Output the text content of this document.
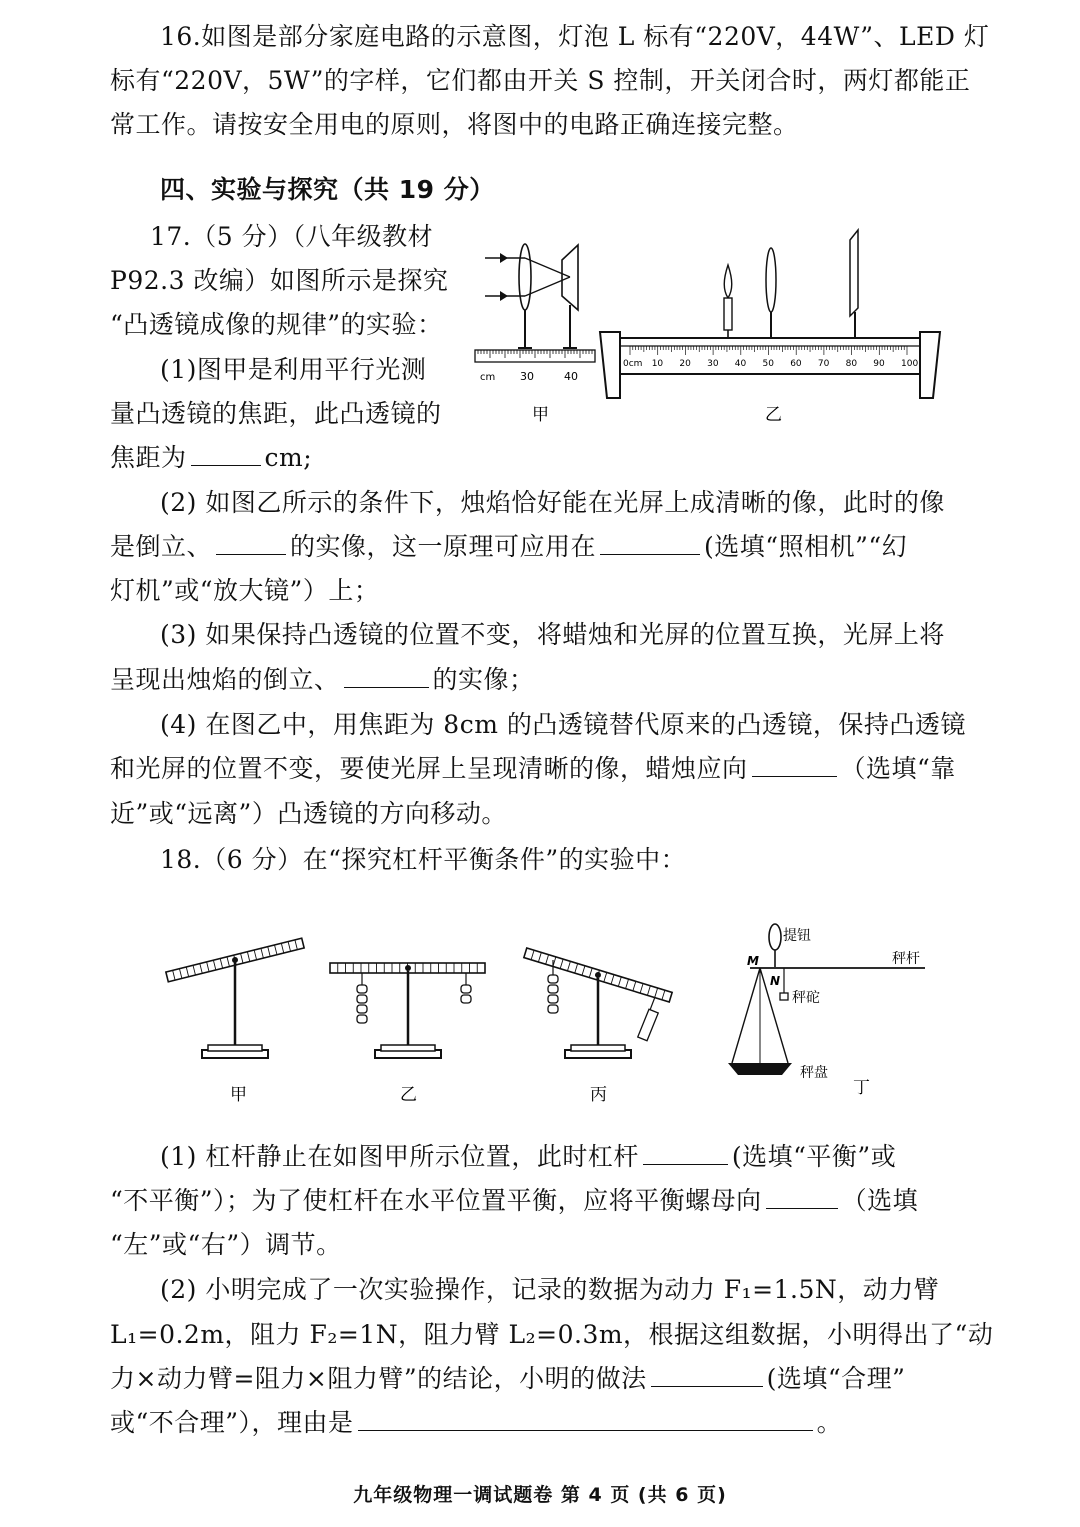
16.如图是部分家庭电路的示意图，灯泡 L 标有“220V，44W”、LED 灯
标有“220V，5W”的字样，它们都由开关 S 控制，开关闭合时，两灯都能正
常工作。请按安全用电的原则，将图中的电路正确连接完整。
四、实验与探究（共 19 分）
17.（5 分）（八年级教材
P92.3 改编）如图所示是探究
“凸透镜成像的规律”的实验：
(1)图甲是利用平行光测
量凸透镜的焦距，此凸透镜的
焦距为	cm;
cm 30	40
甲
0cm 10 20 30 40 50 60 70 80 90 100
乙
(2) 如图乙所示的条件下，烛焰恰好能在光屏上成清晰的像，此时的像
是倒立、	的实像，这一原理可应用在	(选填“照相机”“幻
灯机”或“放大镜”）上；
(3) 如果保持凸透镜的位置不变，将蜡烛和光屏的位置互换，光屏上将
呈现出烛焰的倒立、	的实像；
(4) 在图乙中，用焦距为 8cm 的凸透镜替代原来的凸透镜，保持凸透镜
和光屏的位置不变，要使光屏上呈现清晰的像，蜡烛应向	（选填“靠
近”或“远离”）凸透镜的方向移动。
18.（6 分）在“探究杠杆平衡条件”的实验中：
甲	乙	丙
提钮
秤杆
M
N
秤砣
秤盘
丁
(1) 杠杆静止在如图甲所示位置，此时杠杆	(选填“平衡”或
“不平衡”）；为了使杠杆在水平位置平衡，应将平衡螺母向	（选填
“左”或“右”）调节。
(2) 小明完成了一次实验操作，记录的数据为动力 F₁=1.5N，动力臂
L₁=0.2m，阻力 F₂=1N，阻力臂 L₂=0.3m，根据这组数据，小明得出了“动
力×动力臂=阻力×阻力臂”的结论，小明的做法	(选填“合理”
或“不合理”），理由是	。
九年级物理一调试题卷 第 4 页 (共 6 页)
